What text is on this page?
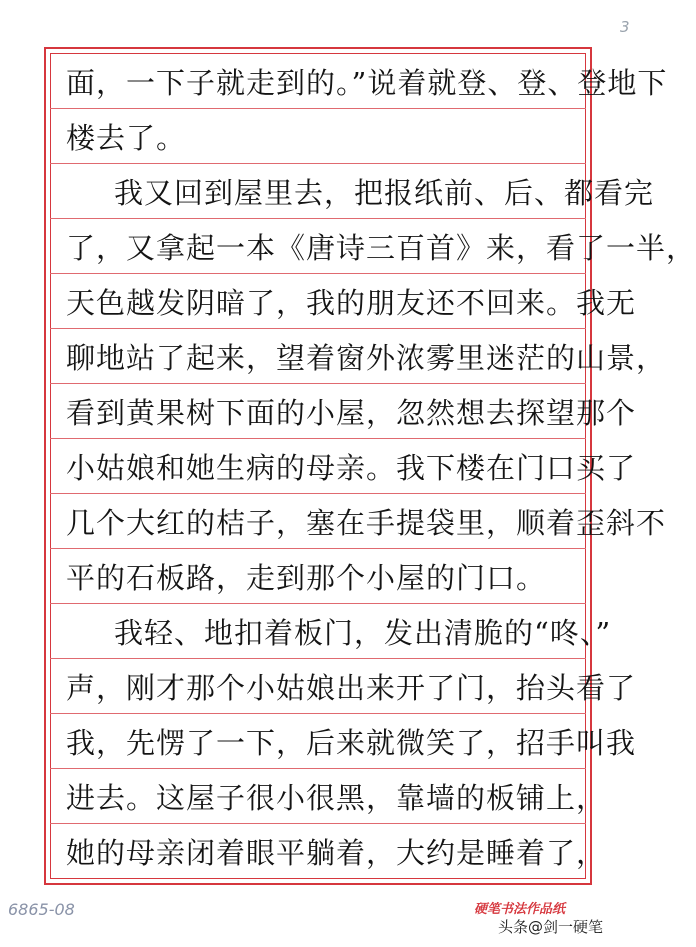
3
面，一下子就走到的。”说着就登、登、登地下
楼去了。
我又回到屋里去，把报纸前、后、都看完
了，又拿起一本《唐诗三百首》来，看了一半，
天色越发阴暗了，我的朋友还不回来。我无
聊地站了起来，望着窗外浓雾里迷茫的山景，
看到黄果树下面的小屋，忽然想去探望那个
小姑娘和她生病的母亲。我下楼在门口买了
几个大红的桔子，塞在手提袋里，顺着歪斜不
平的石板路，走到那个小屋的门口。
我轻、地扣着板门，发出清脆的“咚、”
声，刚才那个小姑娘出来开了门，抬头看了
我，先愣了一下，后来就微笑了，招手叫我
进去。这屋子很小很黑，靠墙的板铺上，
她的母亲闭着眼平躺着，大约是睡着了，
6865-08	硬笔书法作品纸
头条@剑一硬笔
